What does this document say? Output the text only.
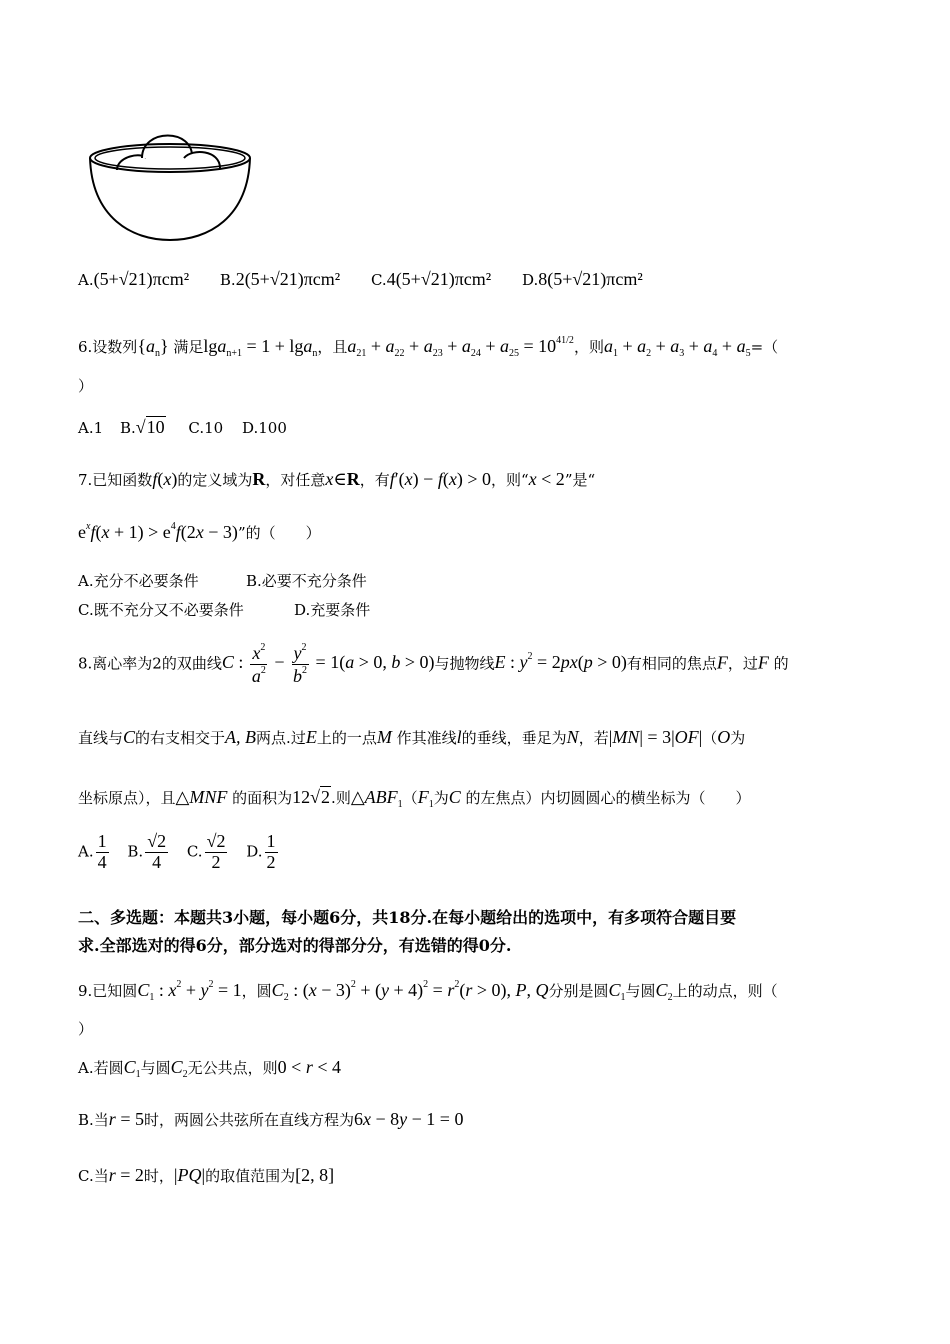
A.(5+√21)πcm² B.2(5+√21)πcm² C.4(5+√21)πcm² D.8(5+√21)πcm²
6.设数列$\{a_n\}$ 满足lga$_{n+1}$ = 1 + lga$_n$，且$a_{21} + a_{22} + a_{23} + a_{24} + a_{25} = 10^{41/2}$，则$a_1 + a_2 + a_3 + a_4 + a_5=$（
）
A.1 B.√10 C.10 D.100
7.已知函数f(x)的定义域为R，对任意x∈R，有f′(x) − f(x) > 0，则“x < 2”是“
$e^xf(x + 1) > e^4f(2x - 3)$”的（　　）
A.充分不必要条件	B.必要不充分条件
C.既不充分又不必要条件	D.充要条件
8.离心率为2的双曲线C : $\frac{x^2}{a^2} - \frac{y^2}{b^2} = 1(a > 0$, b > 0)与抛物线E : $y^2 = 2px(p > 0)$有相同的焦点F，过F 的
直线与C的右支相交于A, B两点.过E上的一点M 作其准线l的垂线，垂足为N，若|MN| = 3|OF|（O为
坐标原点），且△MNF 的面积为12√2.则$\triangle ABF_1(F_1$为C 的左焦点）内切圆圆心的横坐标为（　　）
A. $\frac{1}{4} B$. $\frac{√2}{4} C$. $\frac{√2}{2} D$. $\frac{1}{2}$
二、多选题：本题共3小题，每小题6分，共18分.在每小题给出的选项中，有多项符合题目要
求.全部选对的得6分，部分选对的得部分分，有选错的得0分.
9.已知圆$C_1$ : $x^2 + y^2 = 1$，圆$C_2$ : $(x - 3)^2 + (y + 4)^2 = r^2(r > 0)$, P, Q分别是圆$C_1$与圆$C_2$上的动点，则（
）
A.若圆$C_1$与圆$C_2$无公共点，则0 < r < 4
B.当r = 5时，两圆公共弦所在直线方程为6x − 8y − 1 = 0
C.当r = 2时，|PQ|的取值范围为[2, 8]
